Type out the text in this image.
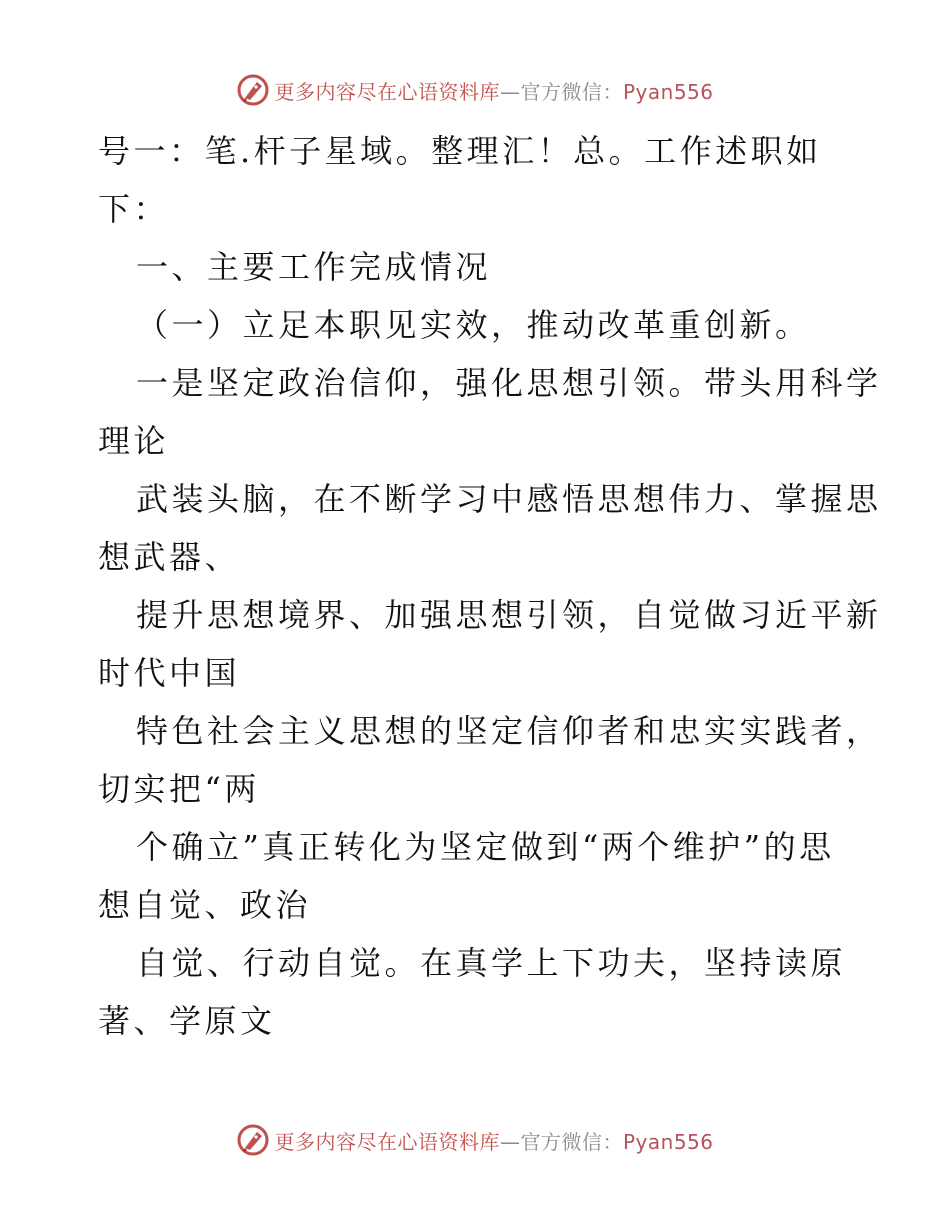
更多内容尽在心语资料库—官方微信：Pyan556
号一：笔.杆子星域。整理汇！总。工作述职如
下：
一、主要工作完成情况
（一）立足本职见实效，推动改革重创新。
一是坚定政治信仰，强化思想引领。带头用科学
理论
武装头脑，在不断学习中感悟思想伟力、掌握思
想武器、
提升思想境界、加强思想引领，自觉做习近平新
时代中国
特色社会主义思想的坚定信仰者和忠实实践者，
切实把“两
个确立”真正转化为坚定做到“两个维护”的思
想自觉、政治
自觉、行动自觉。在真学上下功夫，坚持读原
著、学原文
更多内容尽在心语资料库—官方微信：Pyan556
